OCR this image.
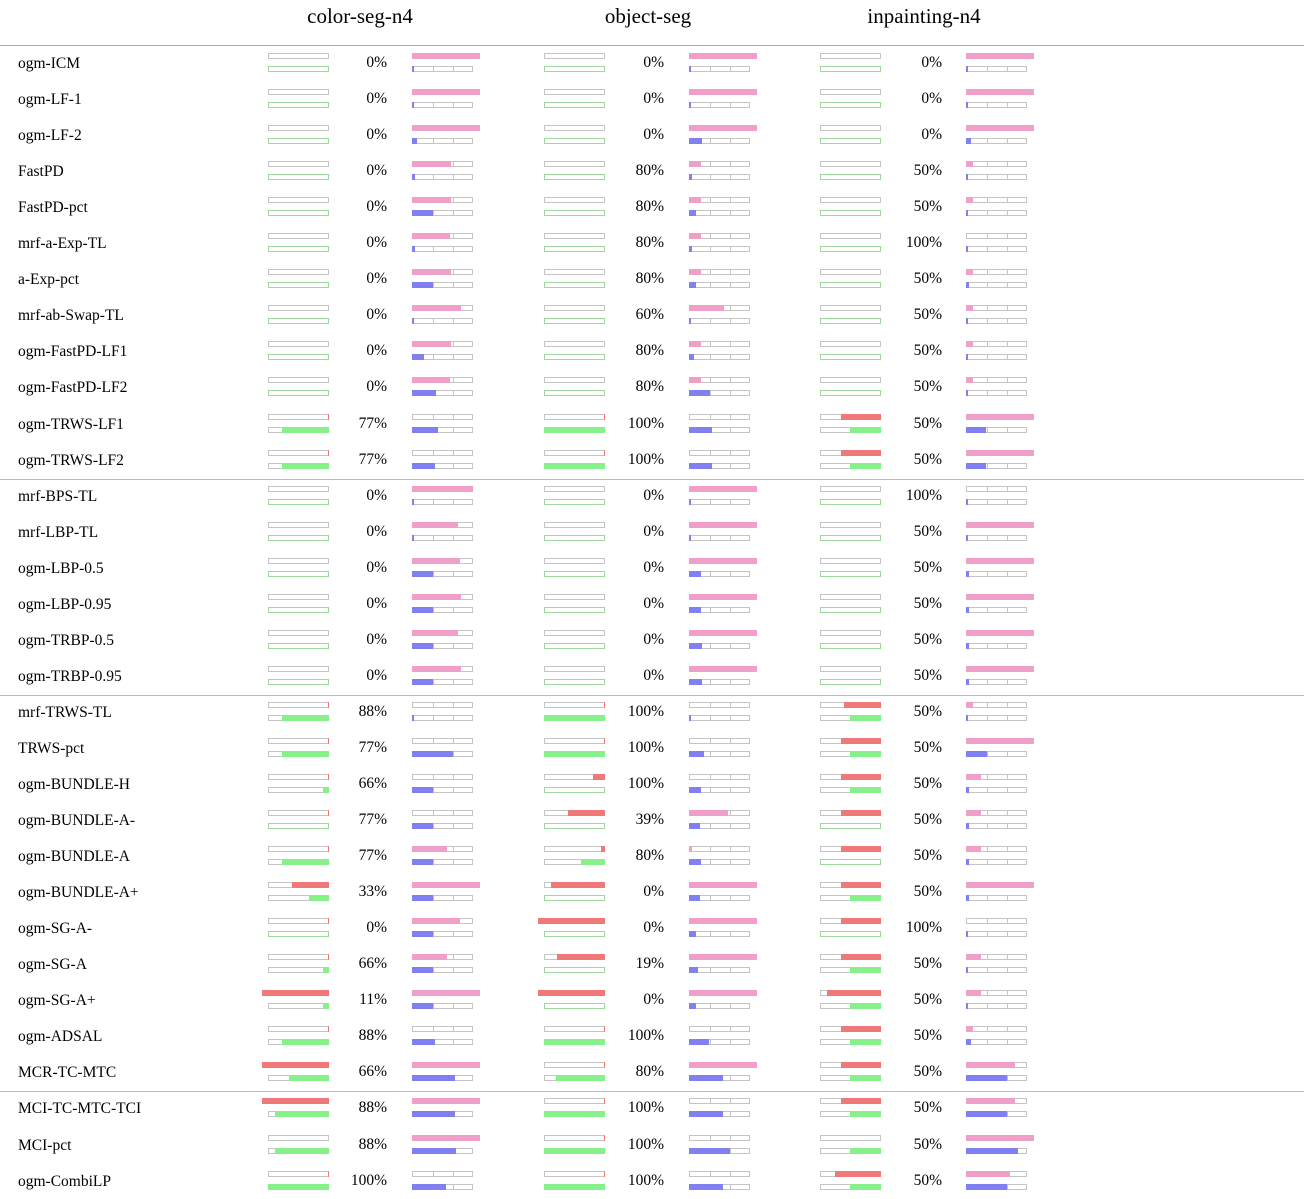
color-seg-n4	object-seg	inpainting-n4
ogm-ICM	0%	0%	0%
ogm-LF-1	0%	0%	0%
ogm-LF-2	0%	0%	0%
FastPD	0%	80%	50%
FastPD-pct	0%	80%	50%
mrf-a-Exp-TL	0%	80%	100%
a-Exp-pct	0%	80%	50%
mrf-ab-Swap-TL	0%	60%	50%
ogm-FastPD-LF1	0%	80%	50%
ogm-FastPD-LF2	0%	80%	50%
ogm-TRWS-LF1	77%	100%	50%
ogm-TRWS-LF2	77%	100%	50%
mrf-BPS-TL	0%	0%	100%
mrf-LBP-TL	0%	0%	50%
ogm-LBP-0.5	0%	0%	50%
ogm-LBP-0.95	0%	0%	50%
ogm-TRBP-0.5	0%	0%	50%
ogm-TRBP-0.95	0%	0%	50%
mrf-TRWS-TL	88%	100%	50%
TRWS-pct	77%	100%	50%
ogm-BUNDLE-H	66%	100%	50%
ogm-BUNDLE-A-	77%	39%	50%
ogm-BUNDLE-A	77%	80%	50%
ogm-BUNDLE-A+	33%	0%	50%
ogm-SG-A-	0%	0%	100%
ogm-SG-A	66%	19%	50%
ogm-SG-A+	11%	0%	50%
ogm-ADSAL	88%	100%	50%
MCR-TC-MTC	66%	80%	50%
MCI-TC-MTC-TCI	88%	100%	50%
MCI-pct	88%	100%	50%
ogm-CombiLP	100%	100%	50%
